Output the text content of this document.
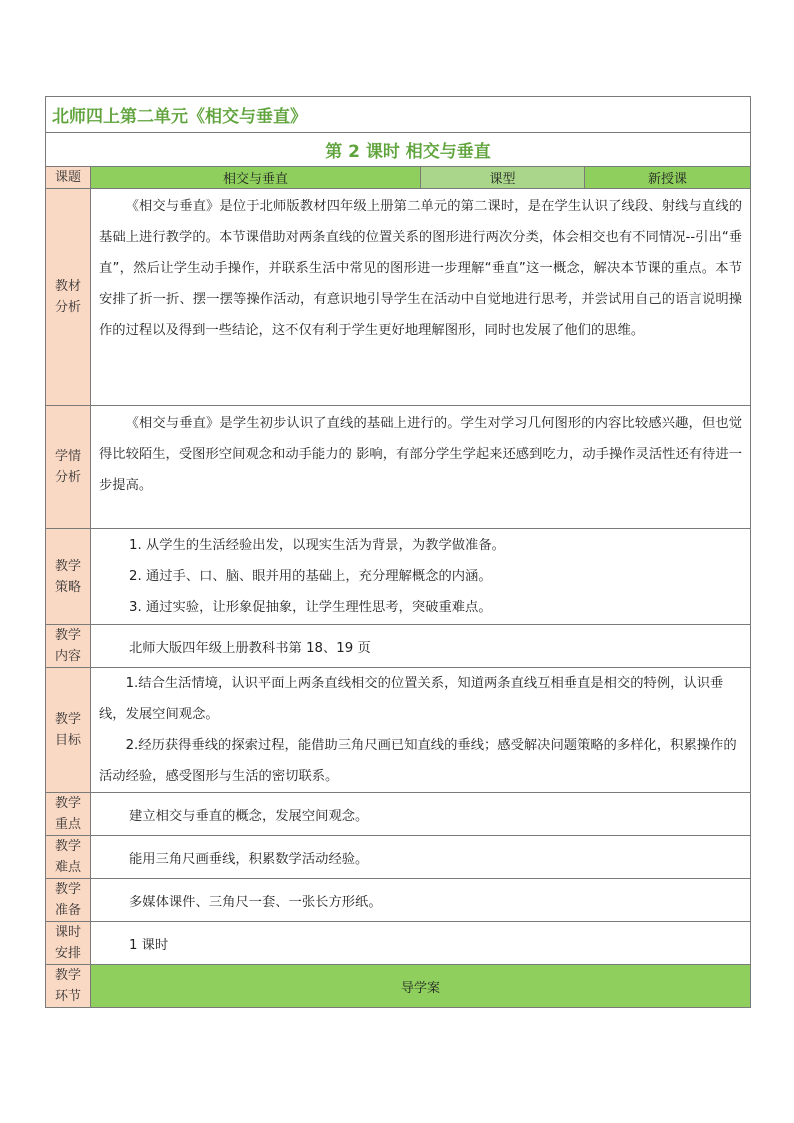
北师四上第二单元《相交与垂直》			
第 2 课时 相交与垂直			
课题	相交与垂直	课型	新授课
教材分析	《相交与垂直》是位于北师版教材四年级上册第二单元的第二课时，是在学生认识了线段、射线与直线的基础上进行教学的。本节课借助对两条直线的位置关系的图形进行两次分类，体会相交也有不同情况--引出“垂直”，然后让学生动手操作，并联系生活中常见的图形进一步理解“垂直”这一概念，解决本节课的重点。本节安排了折一折、摆一摆等操作活动，有意识地引导学生在活动中自觉地进行思考，并尝试用自己的语言说明操作的过程以及得到一些结论，这不仅有利于学生更好地理解图形，同时也发展了他们的思维。		

学情分析	《相交与垂直》是学生初步认识了直线的基础上进行的。学生对学习几何图形的内容比较感兴趣，但也觉得比较陌生，受图形空间观念和动手能力的 影响，有部分学生学起来还感到吃力，动手操作灵活性还有待进一步提高。		

教学策略	1. 从学生的生活经验出发，以现实生活为背景，为教学做准备。
2. 通过手、口、脑、眼并用的基础上，充分理解概念的内涵。
3. 通过实验，让形象促抽象，让学生理性思考，突破重难点。		

教学内容	北师大版四年级上册教科书第 18、19 页		
教学目标	1.结合生活情境，认识平面上两条直线相交的位置关系，知道两条直线互相垂直是相交的特例，认识垂线，发展空间观念。

2.经历获得垂线的探索过程，能借助三角尺画已知直线的垂线；感受解决问题策略的多样化，积累操作的活动经验，感受图形与生活的密切联系。		

教学重点	建立相交与垂直的概念，发展空间观念。		
教学难点	能用三角尺画垂线，积累数学活动经验。		
教学准备	多媒体课件、三角尺一套、一张长方形纸。		
课时安排	1 课时		
教学环节	导学案		
